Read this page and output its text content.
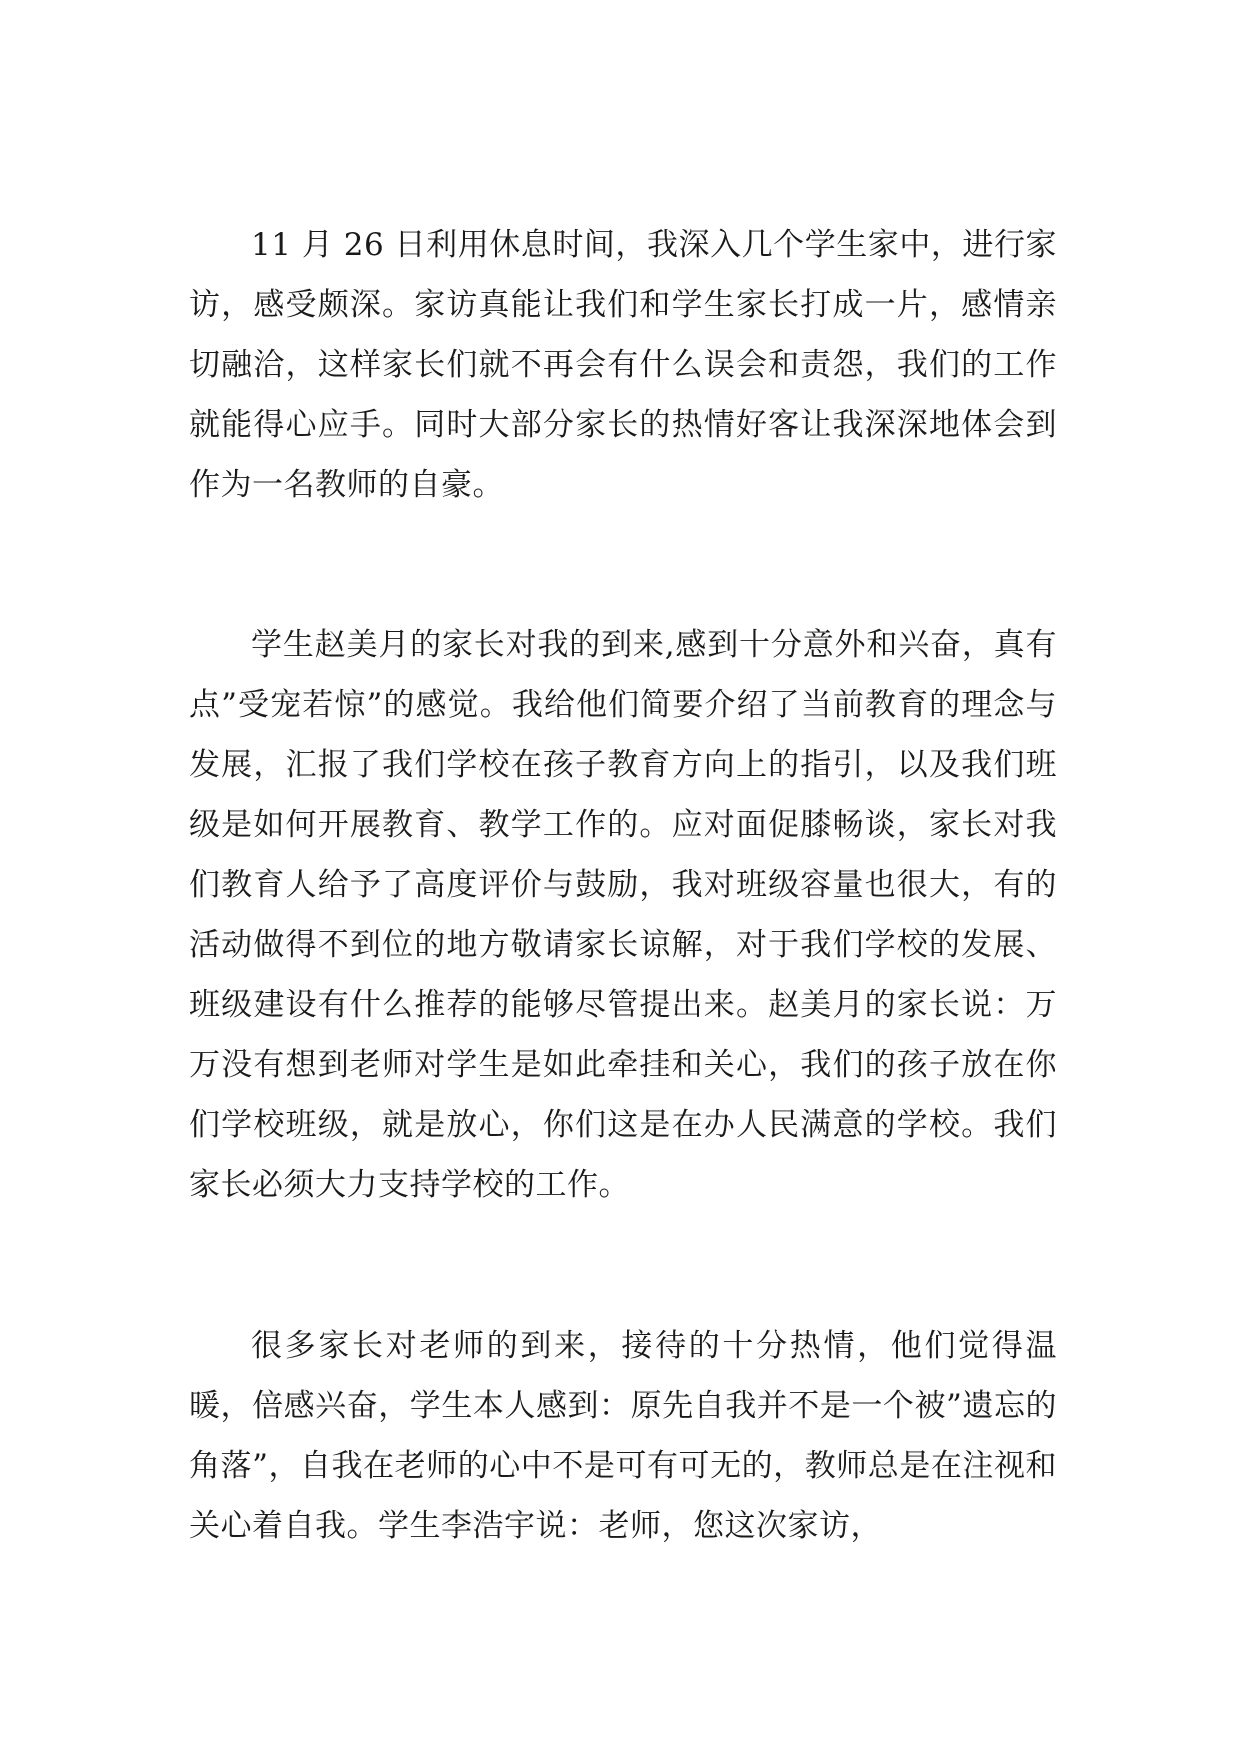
11 月 26 日利用休息时间，我深入几个学生家中，进行家访，感受颇深。家访真能让我们和学生家长打成一片，感情亲切融洽，这样家长们就不再会有什么误会和责怨，我们的工作就能得心应手。同时大部分家长的热情好客让我深深地体会到作为一名教师的自豪。

学生赵美月的家长对我的到来,感到十分意外和兴奋，真有点”受宠若惊”的感觉。我给他们简要介绍了当前教育的理念与发展，汇报了我们学校在孩子教育方向上的指引，以及我们班级是如何开展教育、教学工作的。应对面促膝畅谈，家长对我们教育人给予了高度评价与鼓励，我对班级容量也很大，有的活动做得不到位的地方敬请家长谅解，对于我们学校的发展、班级建设有什么推荐的能够尽管提出来。赵美月的家长说：万万没有想到老师对学生是如此牵挂和关心，我们的孩子放在你们学校班级，就是放心，你们这是在办人民满意的学校。我们家长必须大力支持学校的工作。

很多家长对老师的到来，接待的十分热情，他们觉得温暖，倍感兴奋，学生本人感到：原先自我并不是一个被”遗忘的角落”，自我在老师的心中不是可有可无的，教师总是在注视和关心着自我。学生李浩宇说：老师，您这次家访，
